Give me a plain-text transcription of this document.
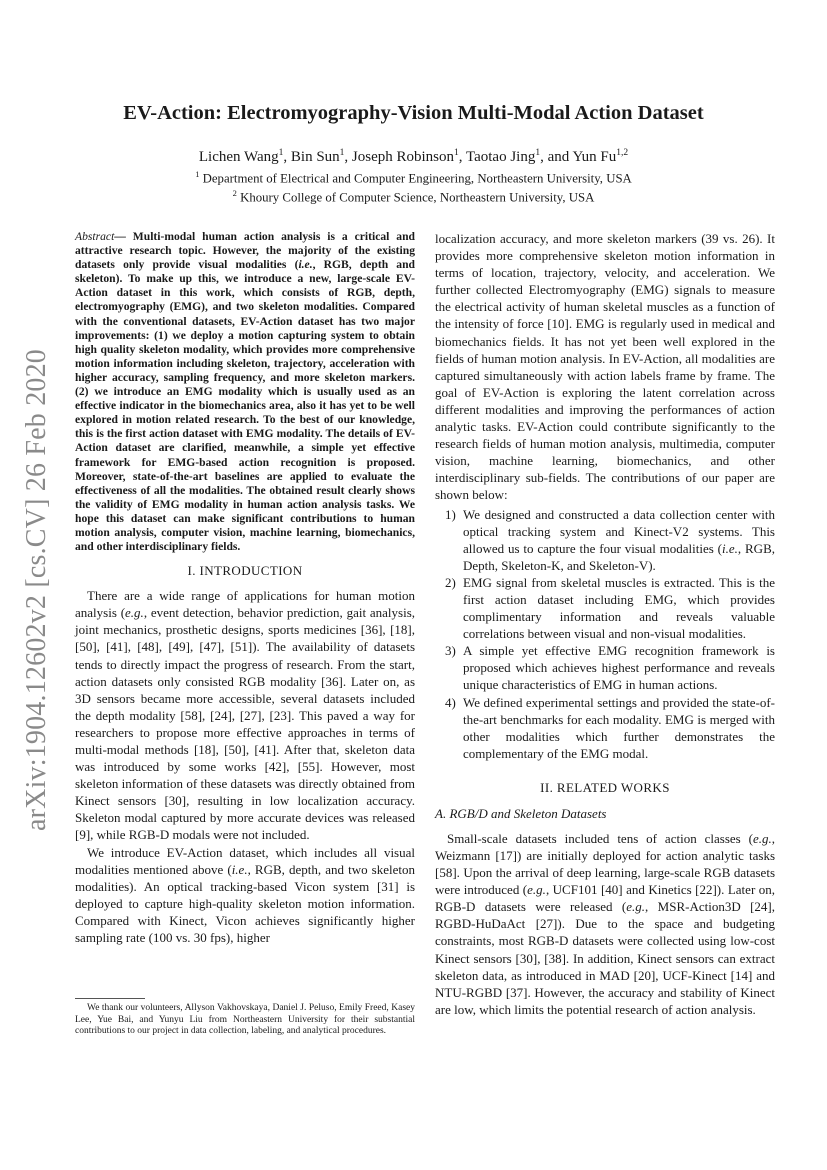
arXiv:1904.12602v2 [cs.CV] 26 Feb 2020
EV-Action: Electromyography-Vision Multi-Modal Action Dataset
Lichen Wang$^1$, Bin Sun$^1$, Joseph Robinson$^1$, Taotao Jing$^1$, and Yun Fu$^{1,2}$
$^1$ Department of Electrical and Computer Engineering, Northeastern University, USA
$^2$ Khoury College of Computer Science, Northeastern University, USA

Abstract— Multi-modal human action analysis is a critical and attractive research topic. However, the majority of the existing datasets only provide visual modalities (i.e., RGB, depth and skeleton). To make up this, we introduce a new, large-scale EV-Action dataset in this work, which consists of RGB, depth, electromyography (EMG), and two skeleton modalities. Compared with the conventional datasets, EV-Action dataset has two major improvements: (1) we deploy a motion capturing system to obtain high quality skeleton modality, which provides more comprehensive motion information including skeleton, trajectory, acceleration with higher accuracy, sampling frequency, and more skeleton markers. (2) we introduce an EMG modality which is usually used as an effective indicator in the biomechanics area, also it has yet to be well explored in motion related research. To the best of our knowledge, this is the first action dataset with EMG modality. The details of EV-Action dataset are clarified, meanwhile, a simple yet effective framework for EMG-based action recognition is proposed. Moreover, state-of-the-art baselines are applied to evaluate the effectiveness of all the modalities. The obtained result clearly shows the validity of EMG modality in human action analysis tasks. We hope this dataset can make significant contributions to human motion analysis, computer vision, machine learning, biomechanics, and other interdisciplinary fields.

I. INTRODUCTION

There are a wide range of applications for human motion analysis (e.g., event detection, behavior prediction, gait analysis, joint mechanics, prosthetic designs, sports medicines [36], [18], [50], [41], [48], [49], [47], [51]). The availability of datasets tends to directly impact the progress of research. From the start, action datasets only consisted RGB modality [36]. Later on, as 3D sensors became more accessible, several datasets included the depth modality [58], [24], [27], [23]. This paved a way for researchers to propose more effective approaches in terms of multi-modal methods [18], [50], [41]. After that, skeleton data was introduced by some works [42], [55]. However, most skeleton information of these datasets was directly obtained from Kinect sensors [30], resulting in low localization accuracy. Skeleton modal captured by more accurate devices was released [9], while RGB-D modals were not included.

We introduce EV-Action dataset, which includes all visual modalities mentioned above (i.e., RGB, depth, and two skeleton modalities). An optical tracking-based Vicon system [31] is deployed to capture high-quality skeleton motion information. Compared with Kinect, Vicon achieves significantly higher sampling rate (100 vs. 30 fps), higher

We thank our volunteers, Allyson Vakhovskaya, Daniel J. Peluso, Emily Freed, Kasey Lee, Yue Bai, and Yunyu Liu from Northeastern University for their substantial contributions to our project in data collection, labeling, and analytical procedures.

localization accuracy, and more skeleton markers (39 vs. 26). It provides more comprehensive skeleton motion information in terms of location, trajectory, velocity, and acceleration. We further collected Electromyography (EMG) signals to measure the electrical activity of human skeletal muscles as a function of the intensity of force [10]. EMG is regularly used in medical and biomechanics fields. It has not yet been well explored in the fields of human motion analysis. In EV-Action, all modalities are captured simultaneously with action labels frame by frame. The goal of EV-Action is exploring the latent correlation across different modalities and improving the performances of action analytic tasks. EV-Action could contribute significantly to the research fields of human motion analysis, multimedia, computer vision, machine learning, biomechanics, and other interdisciplinary sub-fields. The contributions of our paper are shown below:

1) We designed and constructed a data collection center with optical tracking system and Kinect-V2 systems. This allowed us to capture the four visual modalities (i.e., RGB, Depth, Skeleton-K, and Skeleton-V).
2) EMG signal from skeletal muscles is extracted. This is the first action dataset including EMG, which provides complimentary information and reveals valuable correlations between visual and non-visual modalities.
3) A simple yet effective EMG recognition framework is proposed which achieves highest performance and reveals unique characteristics of EMG in human actions.
4) We defined experimental settings and provided the state-of-the-art benchmarks for each modality. EMG is merged with other modalities which further demonstrates the complementary of the EMG modal.
II. RELATED WORKS
A. RGB/D and Skeleton Datasets

Small-scale datasets included tens of action classes (e.g., Weizmann [17]) are initially deployed for action analytic tasks [58]. Upon the arrival of deep learning, large-scale RGB datasets were introduced (e.g., UCF101 [40] and Kinetics [22]). Later on, RGB-D datasets were released (e.g., MSR-Action3D [24], RGBD-HuDaAct [27]). Due to the space and budgeting constraints, most RGB-D datasets were collected using low-cost Kinect sensors [30], [38]. In addition, Kinect sensors can extract skeleton data, as introduced in MAD [20], UCF-Kinect [14] and NTU-RGBD [37]. However, the accuracy and stability of Kinect are low, which limits the potential research of action analysis.
